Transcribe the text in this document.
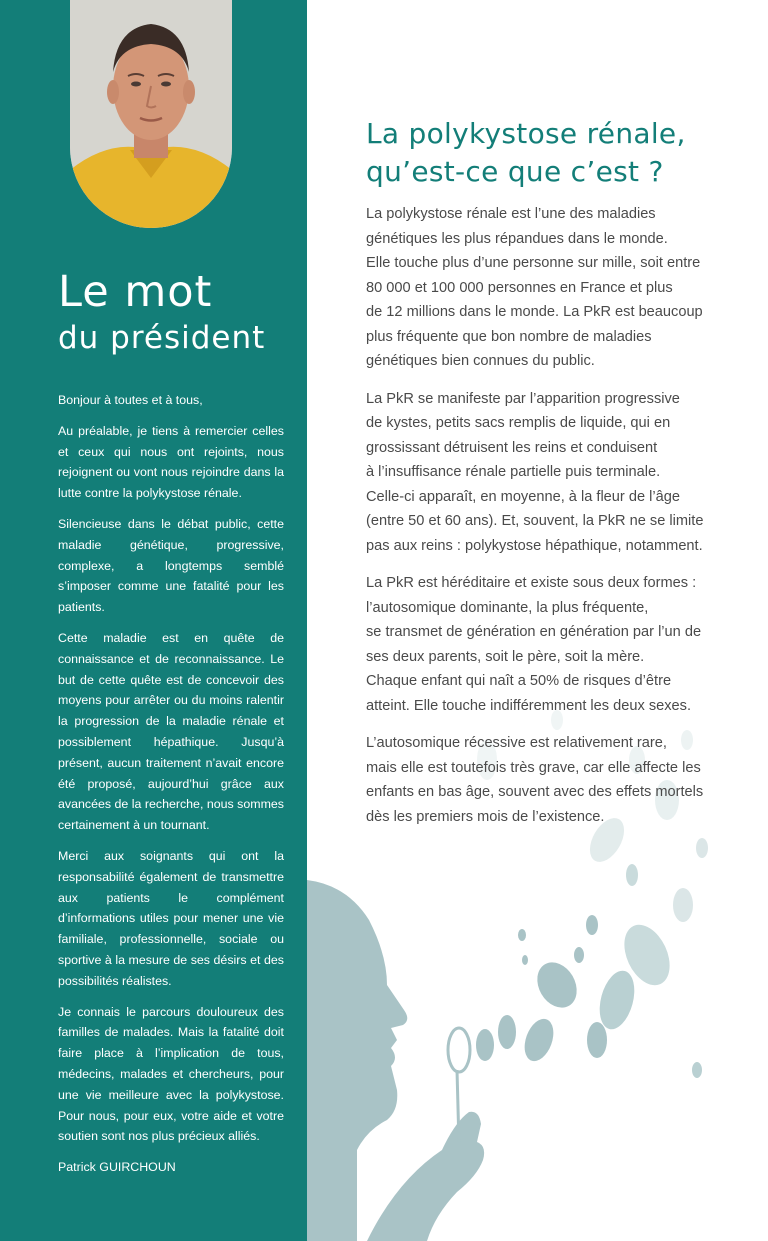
Le mot
du président

Bonjour à toutes et à tous,

Au préalable, je tiens à remercier celles et ceux qui nous ont rejoints, nous rejoignent ou vont nous rejoindre dans la lutte contre la polykystose rénale.

Silencieuse dans le débat public, cette maladie génétique, progressive, complexe, a longtemps semblé s’imposer comme une fatalité pour les patients.

Cette maladie est en quête de connaissance et de reconnaissance. Le but de cette quête est de concevoir des moyens pour arrêter ou du moins ralentir la progression de la maladie rénale et possiblement hépathique. Jusqu’à présent, aucun traitement n’avait encore été proposé, aujourd’hui grâce aux avancées de la recherche, nous sommes certainement à un tournant.

Merci aux soignants qui ont la responsabilité également de transmettre aux patients le complément d’informations utiles pour mener une vie familiale, professionnelle, sociale ou sportive à la mesure de ses désirs et des possibilités réalistes.

Je connais le parcours douloureux des familles de malades. Mais la fatalité doit faire place à l’implication de tous, médecins, malades et chercheurs, pour une vie meilleure avec la polykystose. Pour nous, pour eux, votre aide et votre soutien sont nos plus précieux alliés.

Patrick GUIRCHOUN

La polykystose rénale,
qu’est-ce que c’est ?

La polykystose rénale est l’une des maladies
génétiques les plus répandues dans le monde.
Elle touche plus d’une personne sur mille, soit entre
80 000 et 100 000 personnes en France et plus
de 12 millions dans le monde. La PkR est beaucoup
plus fréquente que bon nombre de maladies
génétiques bien connues du public.

La PkR se manifeste par l’apparition progressive
de kystes, petits sacs remplis de liquide, qui en
grossissant détruisent les reins et conduisent
à l’insuffisance rénale partielle puis terminale.
Celle-ci apparaît, en moyenne, à la fleur de l’âge
(entre 50 et 60 ans). Et, souvent, la PkR ne se limite
pas aux reins : polykystose hépathique, notamment.

La PkR est héréditaire et existe sous deux formes :
l’autosomique dominante, la plus fréquente,
se transmet de génération en génération par l’un de
ses deux parents, soit le père, soit la mère.
Chaque enfant qui naît a 50% de risques d’être
atteint. Elle touche indifféremment les deux sexes.

L’autosomique récessive est relativement rare,
mais elle est toutefois très grave, car elle affecte les
enfants en bas âge, souvent avec des effets mortels
dès les premiers mois de l’existence.
